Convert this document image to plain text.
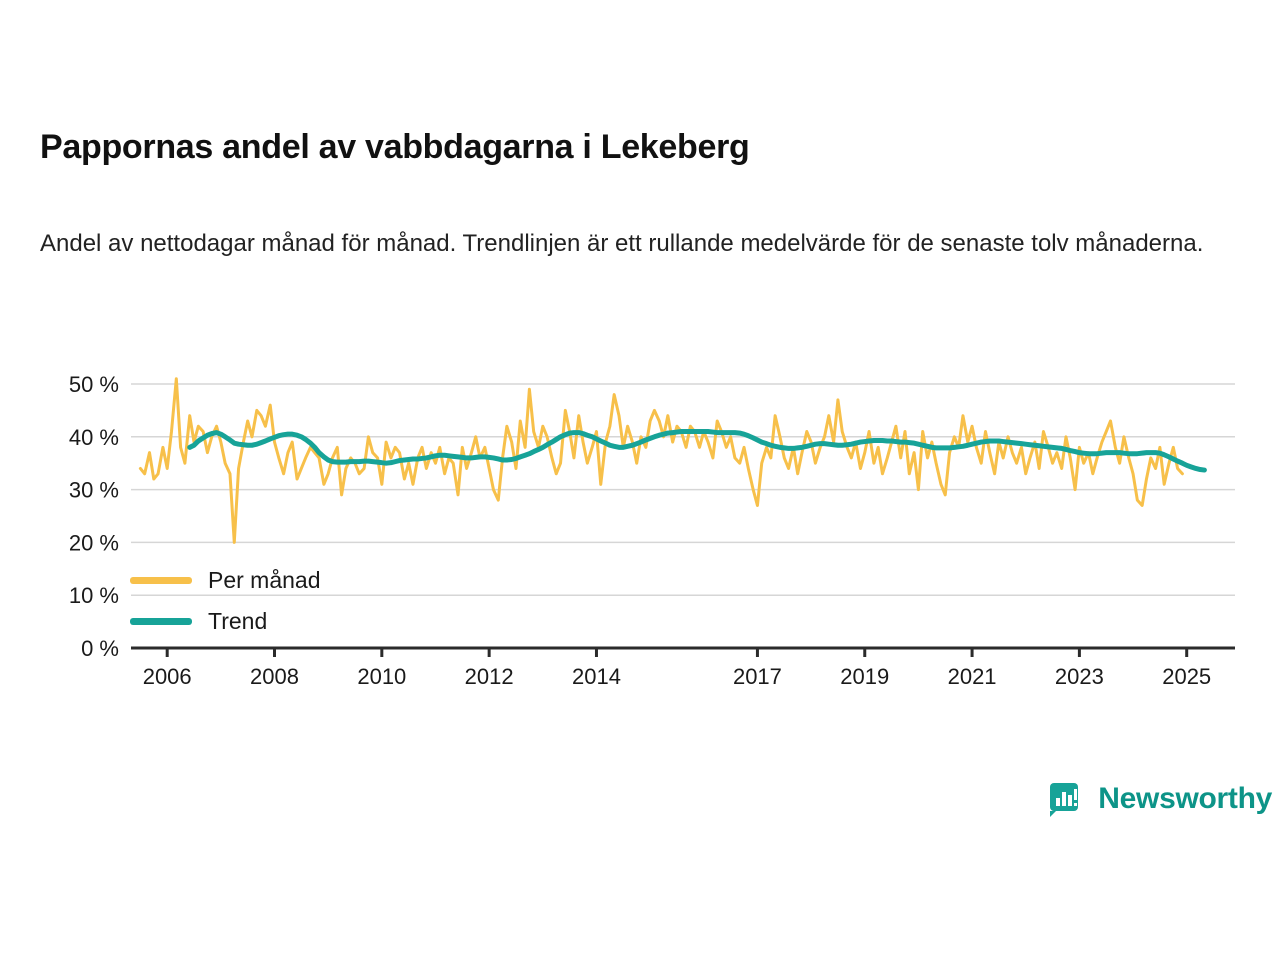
Pappornas andel av vabbdagarna i Lekeberg

Andel av nettodagar månad för månad. Trendlinjen är ett rullande medelvärde för de senaste tolv månaderna.

0 %
10 %
20 %
30 %
40 %
50 %
2006	2008	2010	2012	2014	2017	2019	2021	2023	2025
Per månad
Trend
Newsworthy
